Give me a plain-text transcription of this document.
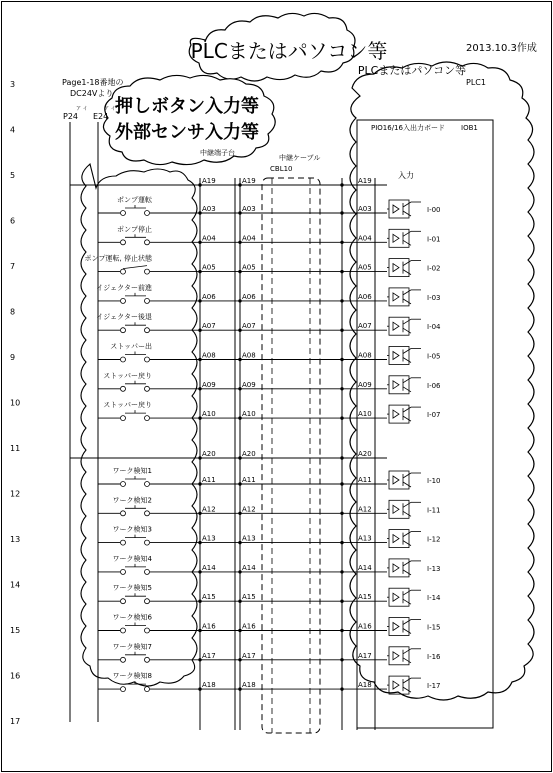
PLCまたはパソコン等	2013.10.3作成
押しボタン入力等
外部センサ入力等
Page1-18番地の
DC24Vより
ア イ	ア イ
P24 E24
PLCまたはパソコン等
PLC1
中継端子台
中継ケーブル
CBL10
PIO16/16入出力ボード IOB1
入力
3
4
5
6
7
8
9
10
11
12
13
14
15
16
17
A19	A19	A19
A20	A20	A20
ポンプ運転
A03	A03	A03	I-00
ポンプ停止
A04	A04	A04	I-01
ポンプ運転, 停止状態
A05	A05	A05	I-02
イジェクター前進
A06	A06	A06	I-03
イジェクター後退
A07	A07	A07	I-04
ストッパー出
A08	A08	A08	I-05
ストッパー戻り
A09	A09	A09	I-06
ストッパー戻り
A10	A10	A10	I-07
ワーク検知1
A11	A11	A11	I-10
ワーク検知2
A12	A12	A12	I-11
ワーク検知3
A13	A13	A13	I-12
ワーク検知4
A14	A14	A14	I-13
ワーク検知5
A15	A15	A15	I-14
ワーク検知6
A16	A16	A16	I-15
ワーク検知7
A17	A17	A17	I-16
ワーク検知8
A18	A18	A18	I-17
